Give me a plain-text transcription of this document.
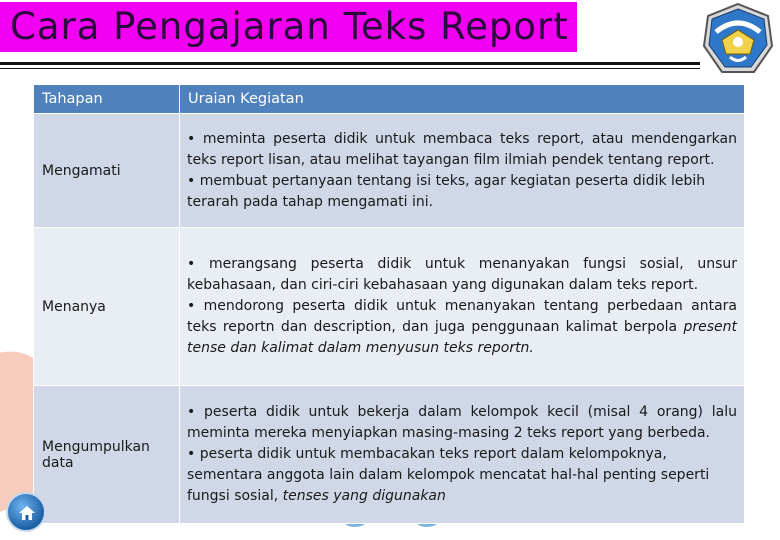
Cara Pengajaran Teks Report
Tahapan	Uraian Kegiatan
Mengamati	• meminta peserta didik untuk membaca teks report, atau mendengarkan teks report lisan, atau melihat tayangan film ilmiah pendek tentang report.

• membuat pertanyaan tentang isi teks, agar kegiatan peserta didik lebih terarah pada tahap mengamati ini.

Menanya	• merangsang peserta didik untuk menanyakan fungsi sosial, unsur kebahasaan, dan ciri-ciri kebahasaan yang digunakan dalam teks report.

• mendorong peserta didik untuk menanyakan tentang perbedaan antara teks reportn dan description, dan juga penggunaan kalimat berpola present tense dan kalimat dalam menyusun teks reportn.

Mengumpulkan data	• peserta didik untuk bekerja dalam kelompok kecil (misal 4 orang) lalu meminta mereka menyiapkan masing-masing 2 teks report yang berbeda.

• peserta didik untuk membacakan teks report dalam kelompoknya, sementara anggota lain dalam kelompok mencatat hal-hal penting seperti fungsi sosial, tenses yang digunakan
